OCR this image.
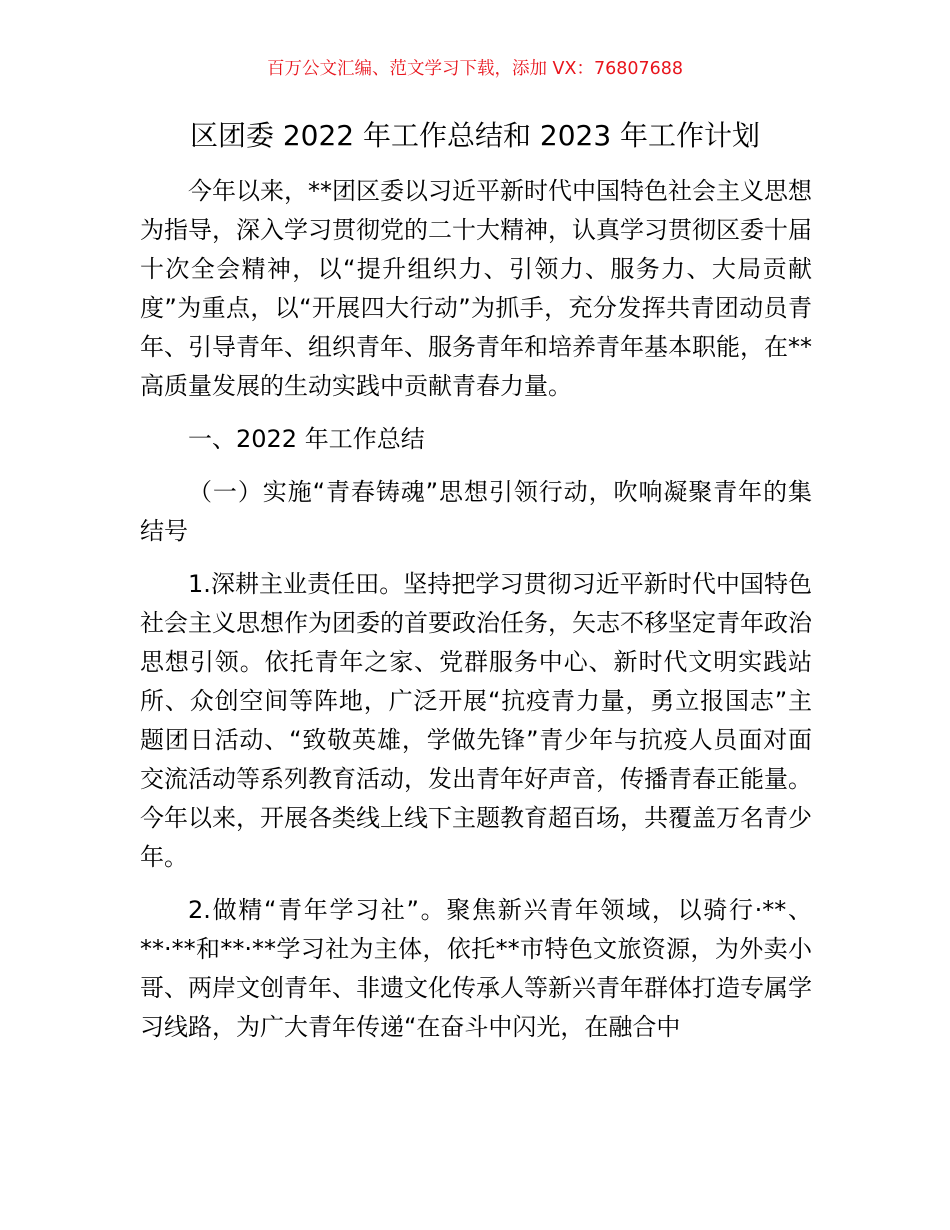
百万公文汇编、范文学习下载，添加 VX：76807688
区团委 2022 年工作总结和 2023 年工作计划

今年以来，**团区委以习近平新时代中国特色社会主义思想为指导，深入学习贯彻党的二十大精神，认真学习贯彻区委十届十次全会精神，以“提升组织力、引领力、服务力、大局贡献度”为重点，以“开展四大行动”为抓手，充分发挥共青团动员青年、引导青年、组织青年、服务青年和培养青年基本职能，在**高质量发展的生动实践中贡献青春力量。

一、2022 年工作总结

（一）实施“青春铸魂”思想引领行动，吹响凝聚青年的集结号

1.深耕主业责任田。坚持把学习贯彻习近平新时代中国特色社会主义思想作为团委的首要政治任务，矢志不移坚定青年政治思想引领。依托青年之家、党群服务中心、新时代文明实践站所、众创空间等阵地，广泛开展“抗疫青力量，勇立报国志”主题团日活动、“致敬英雄，学做先锋”青少年与抗疫人员面对面交流活动等系列教育活动，发出青年好声音，传播青春正能量。今年以来，开展各类线上线下主题教育超百场，共覆盖万名青少年。

2.做精“青年学习社”。聚焦新兴青年领域，以骑行·**、**·**和**·**学习社为主体，依托**市特色文旅资源，为外卖小哥、两岸文创青年、非遗文化传承人等新兴青年群体打造专属学习线路，为广大青年传递“在奋斗中闪光，在融合中
